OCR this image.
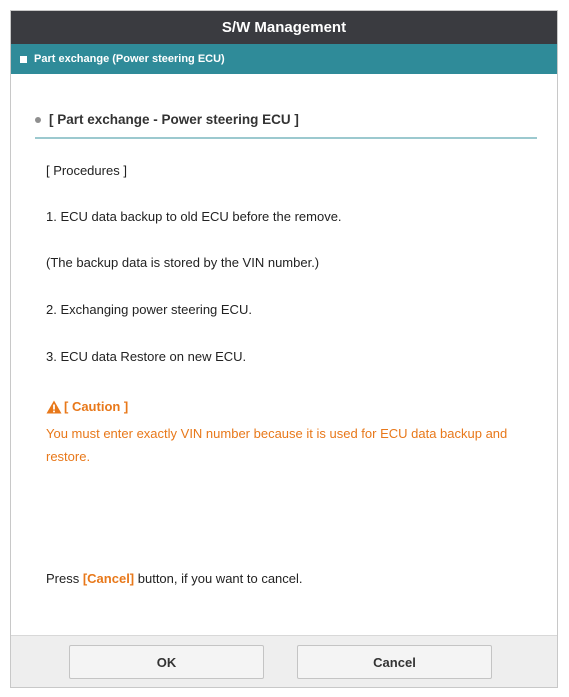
S/W Management
Part exchange (Power steering ECU)
[ Part exchange - Power steering ECU ]
[ Procedures ]
1. ECU data backup to old ECU before the remove.
(The backup data is stored by the VIN number.)
2. Exchanging power steering ECU.
3. ECU data Restore on new ECU.
[ Caution ]
You must enter exactly VIN number because it is used for ECU data backup and restore.
Press [Cancel] button, if you want to cancel.
OK	Cancel
